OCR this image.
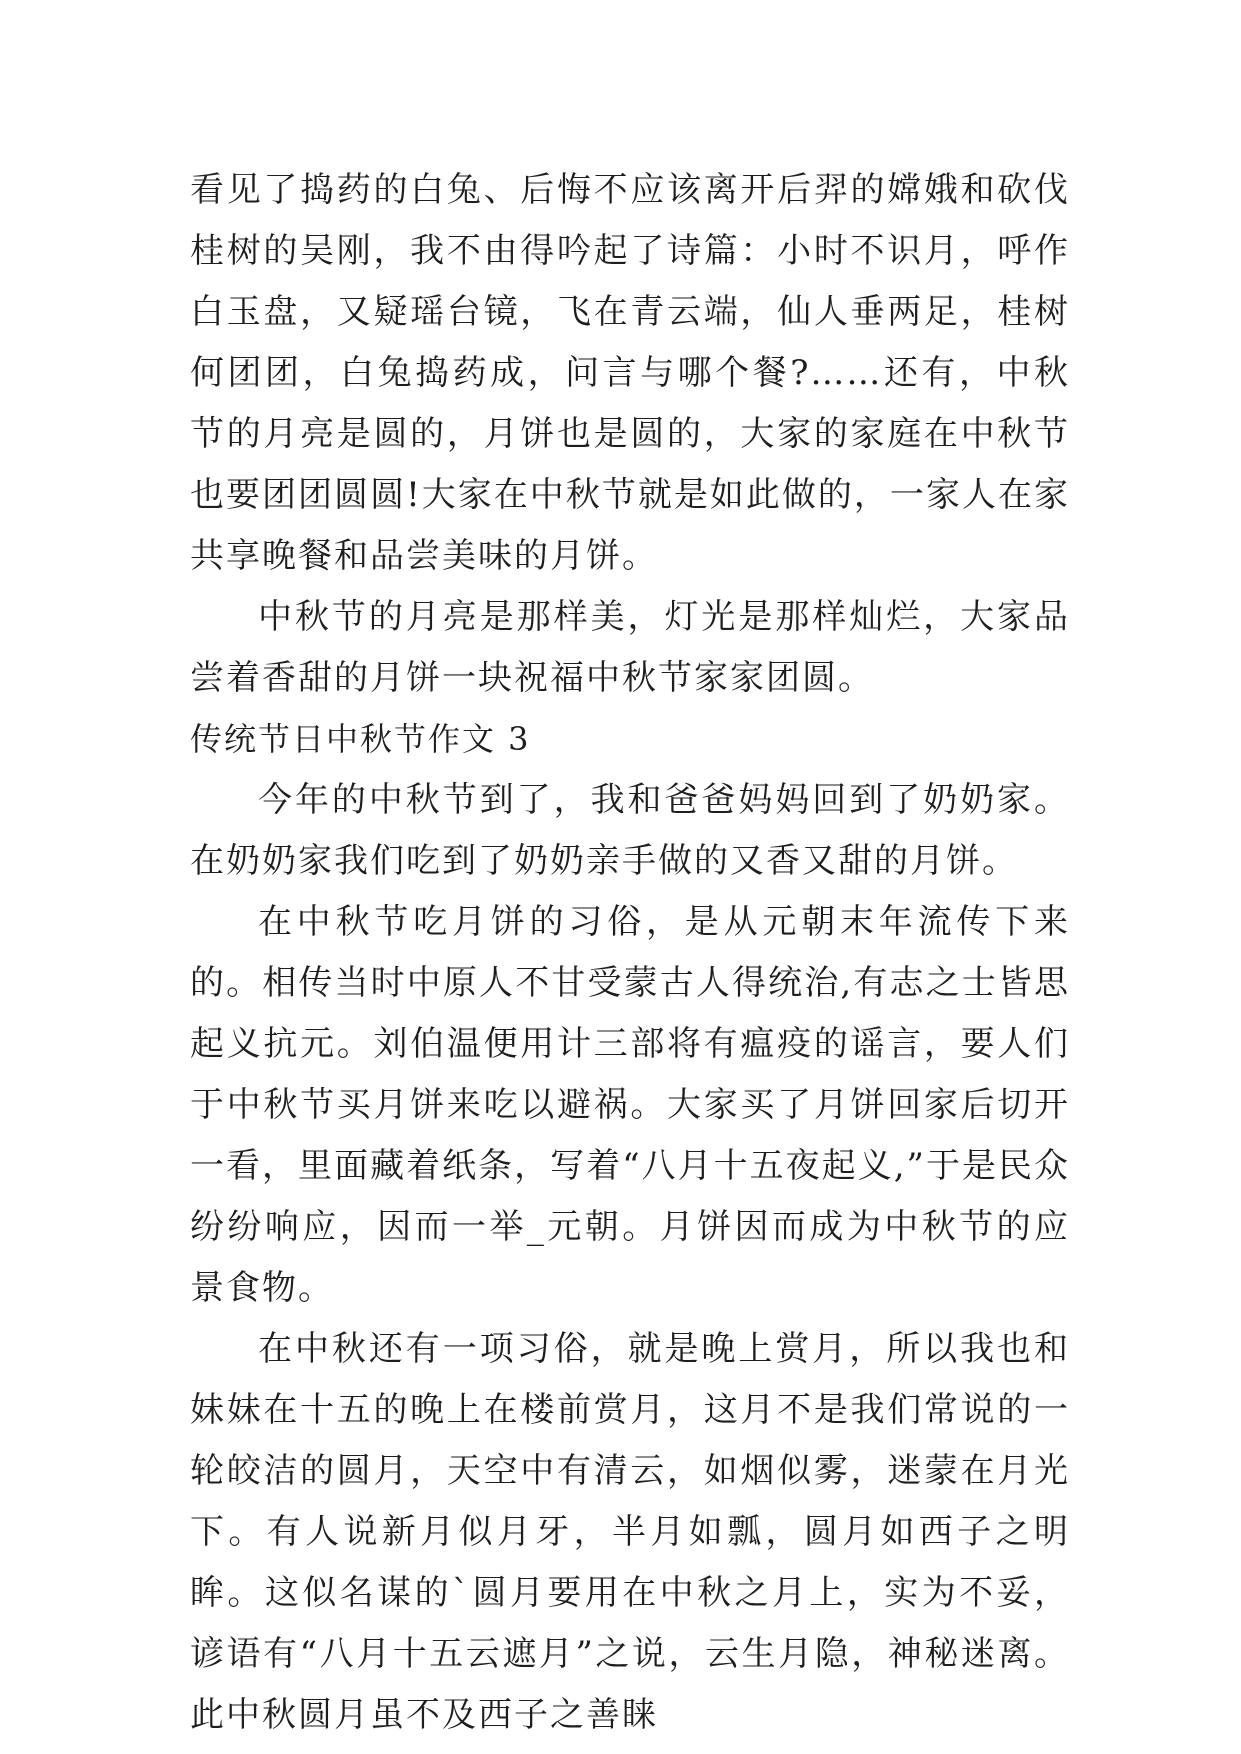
看见了捣药的白兔、后悔不应该离开后羿的嫦娥和砍伐桂树的吴刚，我不由得吟起了诗篇：小时不识月，呼作白玉盘，又疑瑶台镜，飞在青云端，仙人垂两足，桂树何团团，白兔捣药成，问言与哪个餐?……还有，中秋节的月亮是圆的，月饼也是圆的，大家的家庭在中秋节也要团团圆圆!大家在中秋节就是如此做的，一家人在家共享晚餐和品尝美味的月饼。

中秋节的月亮是那样美，灯光是那样灿烂，大家品尝着香甜的月饼一块祝福中秋节家家团圆。

传统节日中秋节作文 3

今年的中秋节到了，我和爸爸妈妈回到了奶奶家。在奶奶家我们吃到了奶奶亲手做的又香又甜的月饼。

在中秋节吃月饼的习俗，是从元朝末年流传下来的。相传当时中原人不甘受蒙古人得统治,有志之士皆思起义抗元。刘伯温便用计三部将有瘟疫的谣言，要人们于中秋节买月饼来吃以避祸。大家买了月饼回家后切开一看，里面藏着纸条，写着“八月十五夜起义,”于是民众纷纷响应，因而一举_元朝。月饼因而成为中秋节的应景食物。

在中秋还有一项习俗，就是晚上赏月，所以我也和妹妹在十五的晚上在楼前赏月，这月不是我们常说的一轮皎洁的圆月，天空中有清云，如烟似雾，迷蒙在月光下。有人说新月似月牙，半月如瓢，圆月如西子之明眸。这似名谋的`圆月要用在中秋之月上，实为不妥，谚语有“八月十五云遮月”之说，云生月隐，神秘迷离。此中秋圆月虽不及西子之善睐
